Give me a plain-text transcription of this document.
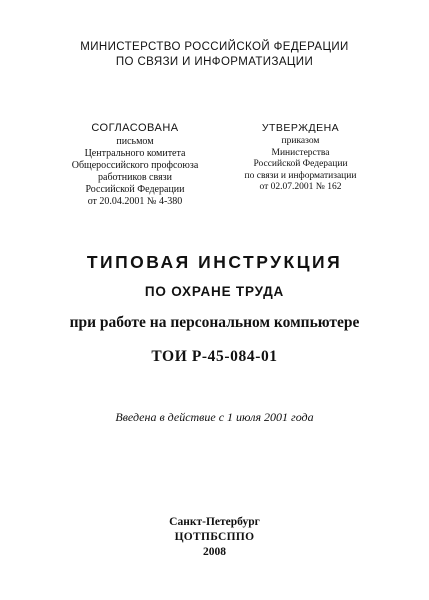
МИНИСТЕРСТВО РОССИЙСКОЙ ФЕДЕРАЦИИ
ПО СВЯЗИ И ИНФОРМАТИЗАЦИИ
СОГЛАСОВАНА
письмом
Центрального комитета
Общероссийского профсоюза
работников связи
Российской Федерации
от 20.04.2001 № 4-380
УТВЕРЖДЕНА
приказом
Министерства
Российской Федерации
по связи и информатизации
от 02.07.2001 № 162
ТИПОВАЯ ИНСТРУКЦИЯ
ПО ОХРАНЕ ТРУДА
при работе на персональном компьютере
ТОИ Р-45-084-01
Введена в действие с 1 июля 2001 года
Санкт-Петербург
ЦОТПБСППО
2008
